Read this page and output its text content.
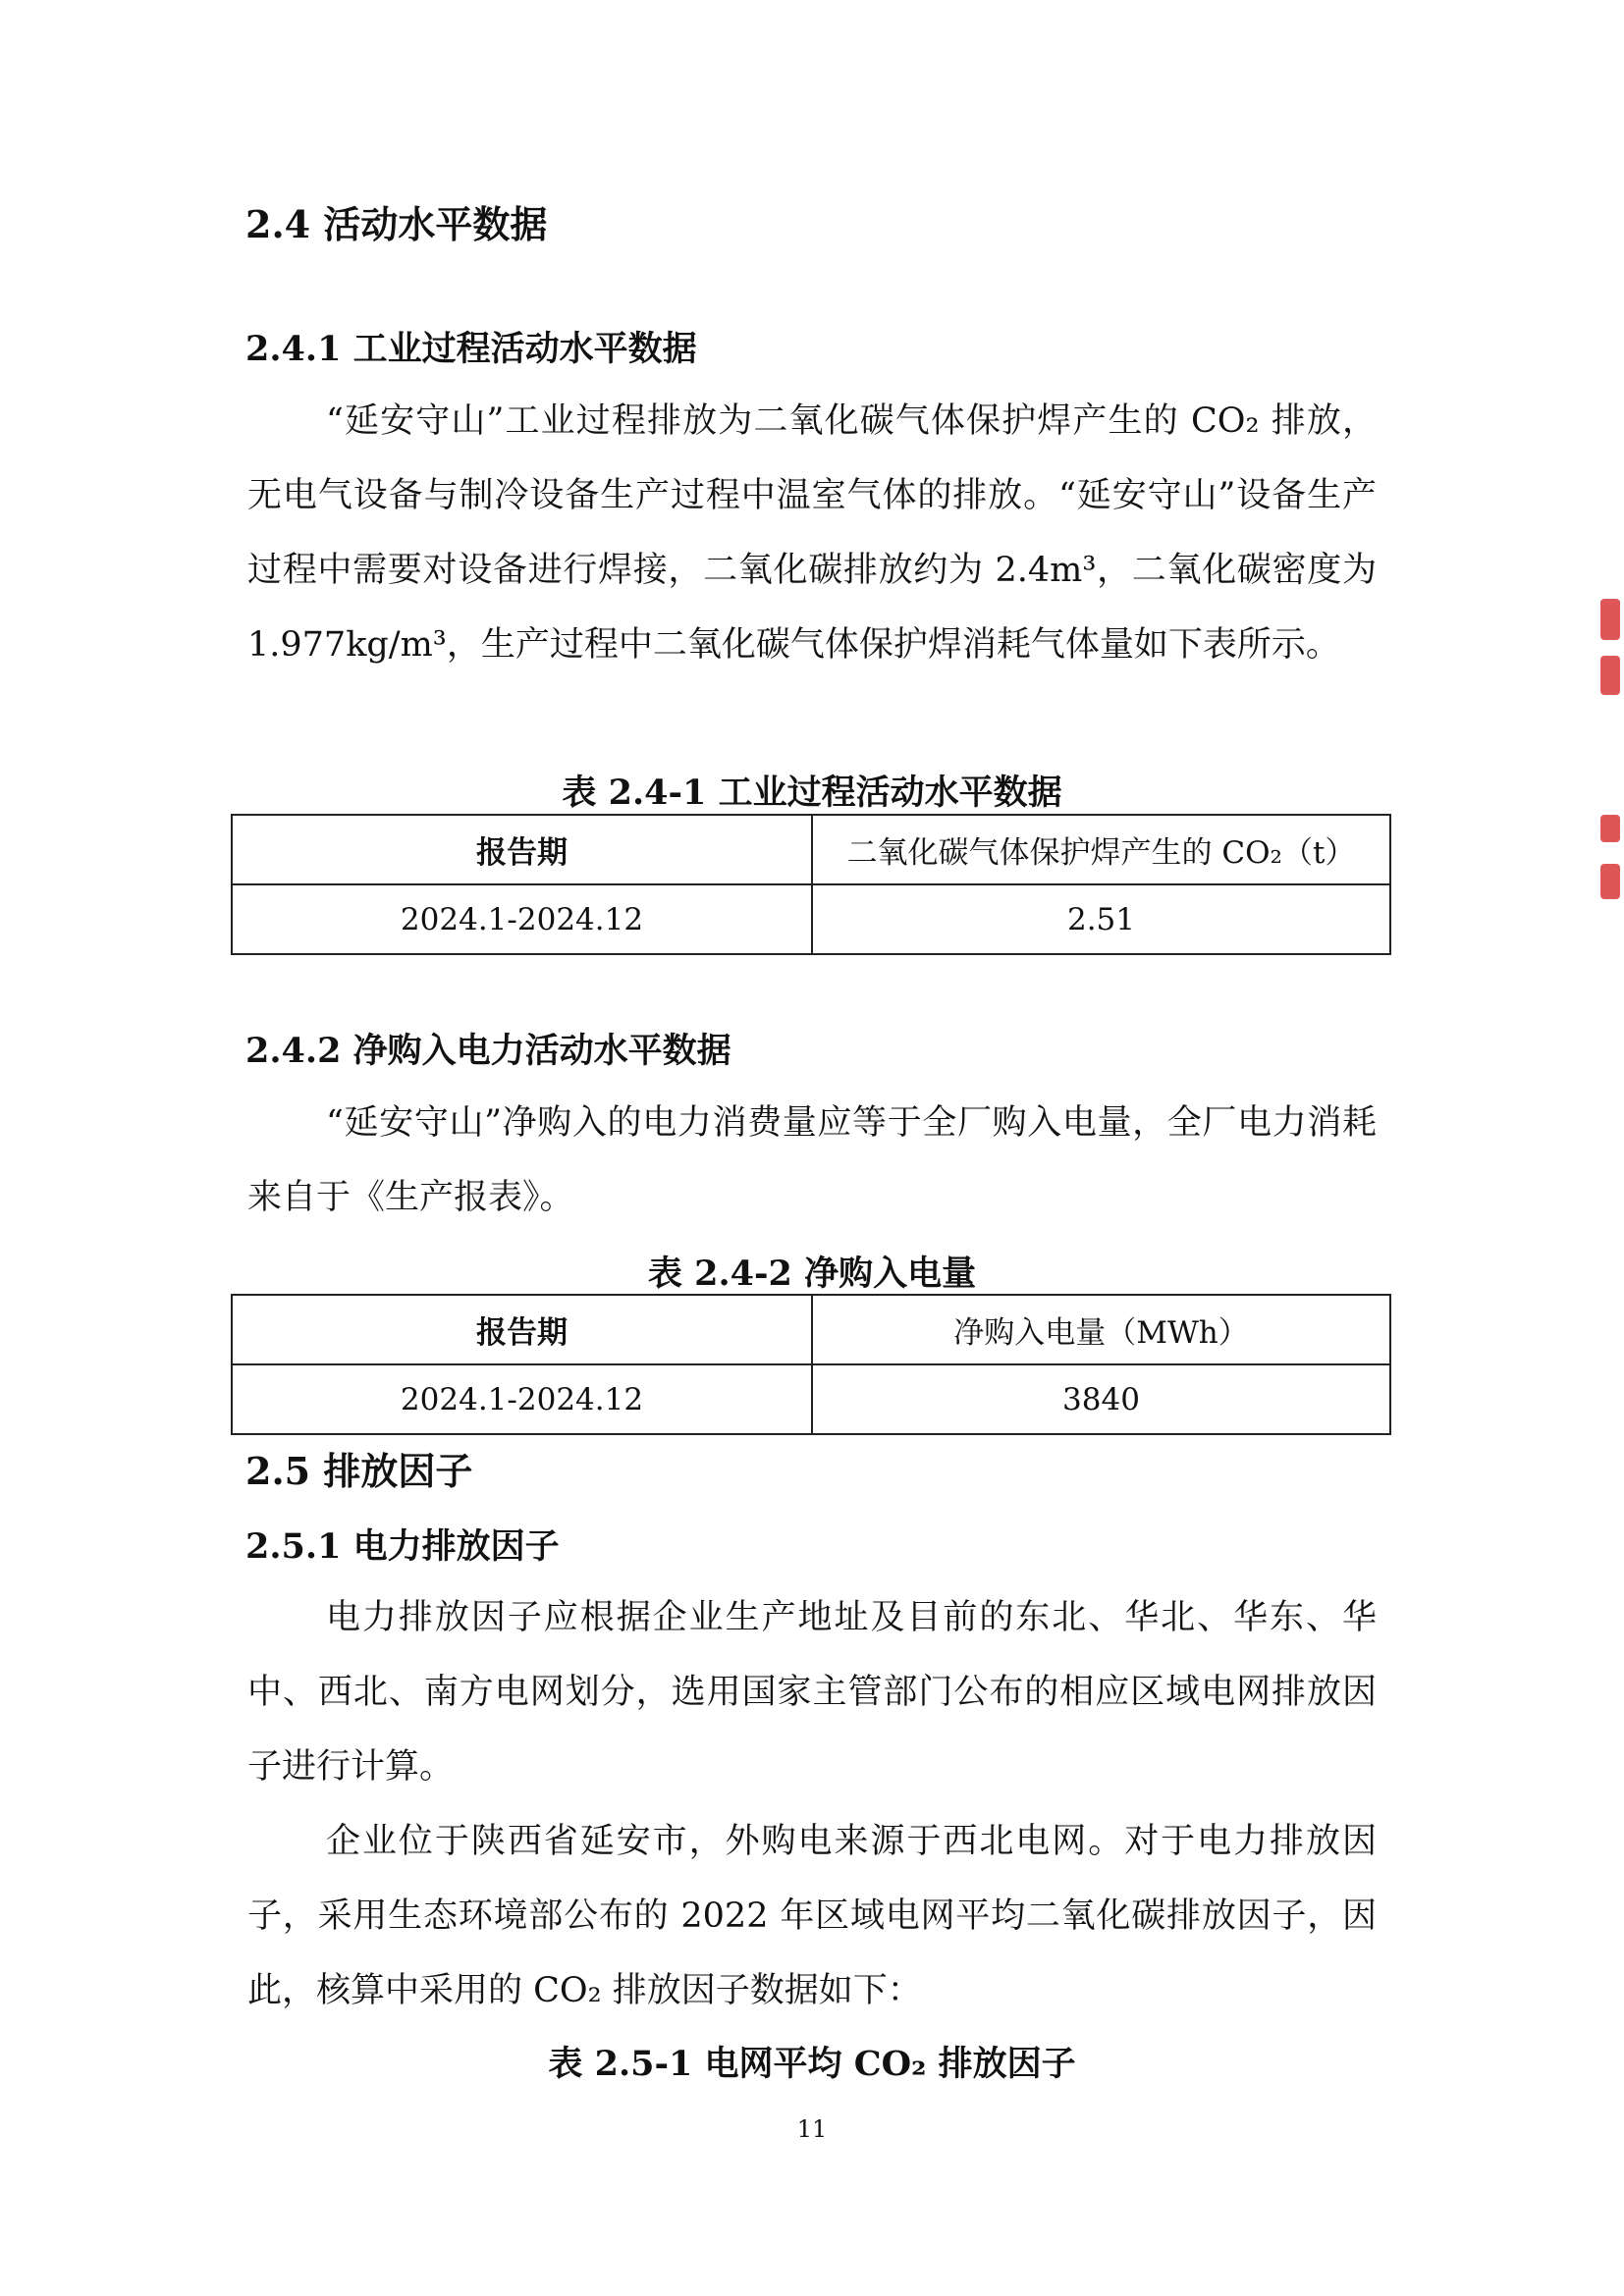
2.4 活动水平数据
2.4.1 工业过程活动水平数据

“延安守山”工业过程排放为二氧化碳气体保护焊产生的 CO₂ 排放，无电气设备与制冷设备生产过程中温室气体的排放。“延安守山”设备生产过程中需要对设备进行焊接，二氧化碳排放约为 2.4m³，二氧化碳密度为 1.977kg/m³，生产过程中二氧化碳气体保护焊消耗气体量如下表所示。

表 2.4-1 工业过程活动水平数据
报告期	二氧化碳气体保护焊产生的 CO₂（t）
2024.1-2024.12	2.51
2.4.2 净购入电力活动水平数据

“延安守山”净购入的电力消费量应等于全厂购入电量，全厂电力消耗来自于《生产报表》。

表 2.4-2 净购入电量
报告期	净购入电量（MWh）
2024.1-2024.12	3840
2.5 排放因子
2.5.1 电力排放因子

电力排放因子应根据企业生产地址及目前的东北、华北、华东、华中、西北、南方电网划分，选用国家主管部门公布的相应区域电网排放因子进行计算。

企业位于陕西省延安市，外购电来源于西北电网。对于电力排放因子，采用生态环境部公布的 2022 年区域电网平均二氧化碳排放因子，因此，核算中采用的 CO₂ 排放因子数据如下：

表 2.5-1 电网平均 CO₂ 排放因子
11
